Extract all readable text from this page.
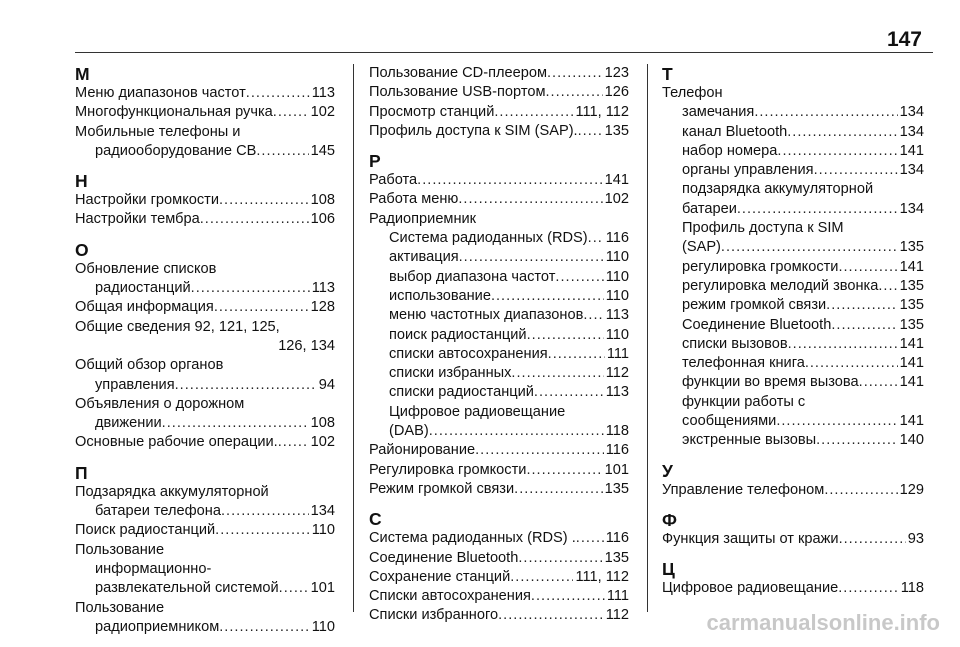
147
М
Меню диапазонов частот .....	113
Многофункциональная ручка .....	102
Мобильные телефоны и
радиооборудование CB .....	145
Н
Настройки громкости .....	108
Настройки тембра .....	106
О
Обновление списков
радиостанций .....	113
Общая информация .....	128
Общие сведения 92, 121, 125,
126, 134
Общий обзор органов
управления .....	94
Объявления о дорожном
движении .....	108
Основные рабочие операции. ..... 102
П
Подзарядка аккумуляторной
батареи телефона .....	134
Поиск радиостанций .....	110
Пользование
информационно-
развлекательной системой ..... 101
Пользование
радиоприемником .....	110
Пользование CD-плеером .....	123
Пользование USB-портом .....	126
Просмотр станций .....	111, 112
Профиль доступа к SIM (SAP). ..... 135
Р
Работа .....	141
Работа меню .....	102
Радиоприемник
Система радиоданных (RDS) ..... 116
активация .....	110
выбор диапазона частот .....	110
использование .....	110
меню частотных диапазонов ..... 113
поиск радиостанций .....	110
списки автосохранения .....	111
списки избранных .....	112
списки радиостанций .....	113
Цифровое радиовещание
(DAB) .....	118
Районирование .....	116
Регулировка громкости .....	101
Режим громкой связи .....	135
С
Система радиоданных (RDS) . ..... 116
Соединение Bluetooth .....	135
Сохранение станций .....	111, 112
Списки автосохранения .....	111
Списки избранного .....	112
Т
Телефон
замечания .....	134
канал Bluetooth .....	134
набор номера .....	141
органы управления .....	134
подзарядка аккумуляторной
батареи .....	134
Профиль доступа к SIM
(SAP) .....	135
регулировка громкости .....	141
регулировка мелодий звонка ..... 135
режим громкой связи .....	135
Соединение Bluetooth .....	135
списки вызовов .....	141
телефонная книга .....	141
функции во время вызова .....	141
функции работы с
сообщениями .....	141
экстренные вызовы .....	140
У
Управление телефоном .....	129
Ф
Функция защиты от кражи .....	93
Ц
Цифровое радиовещание .....	118
carmanualsonline.info
